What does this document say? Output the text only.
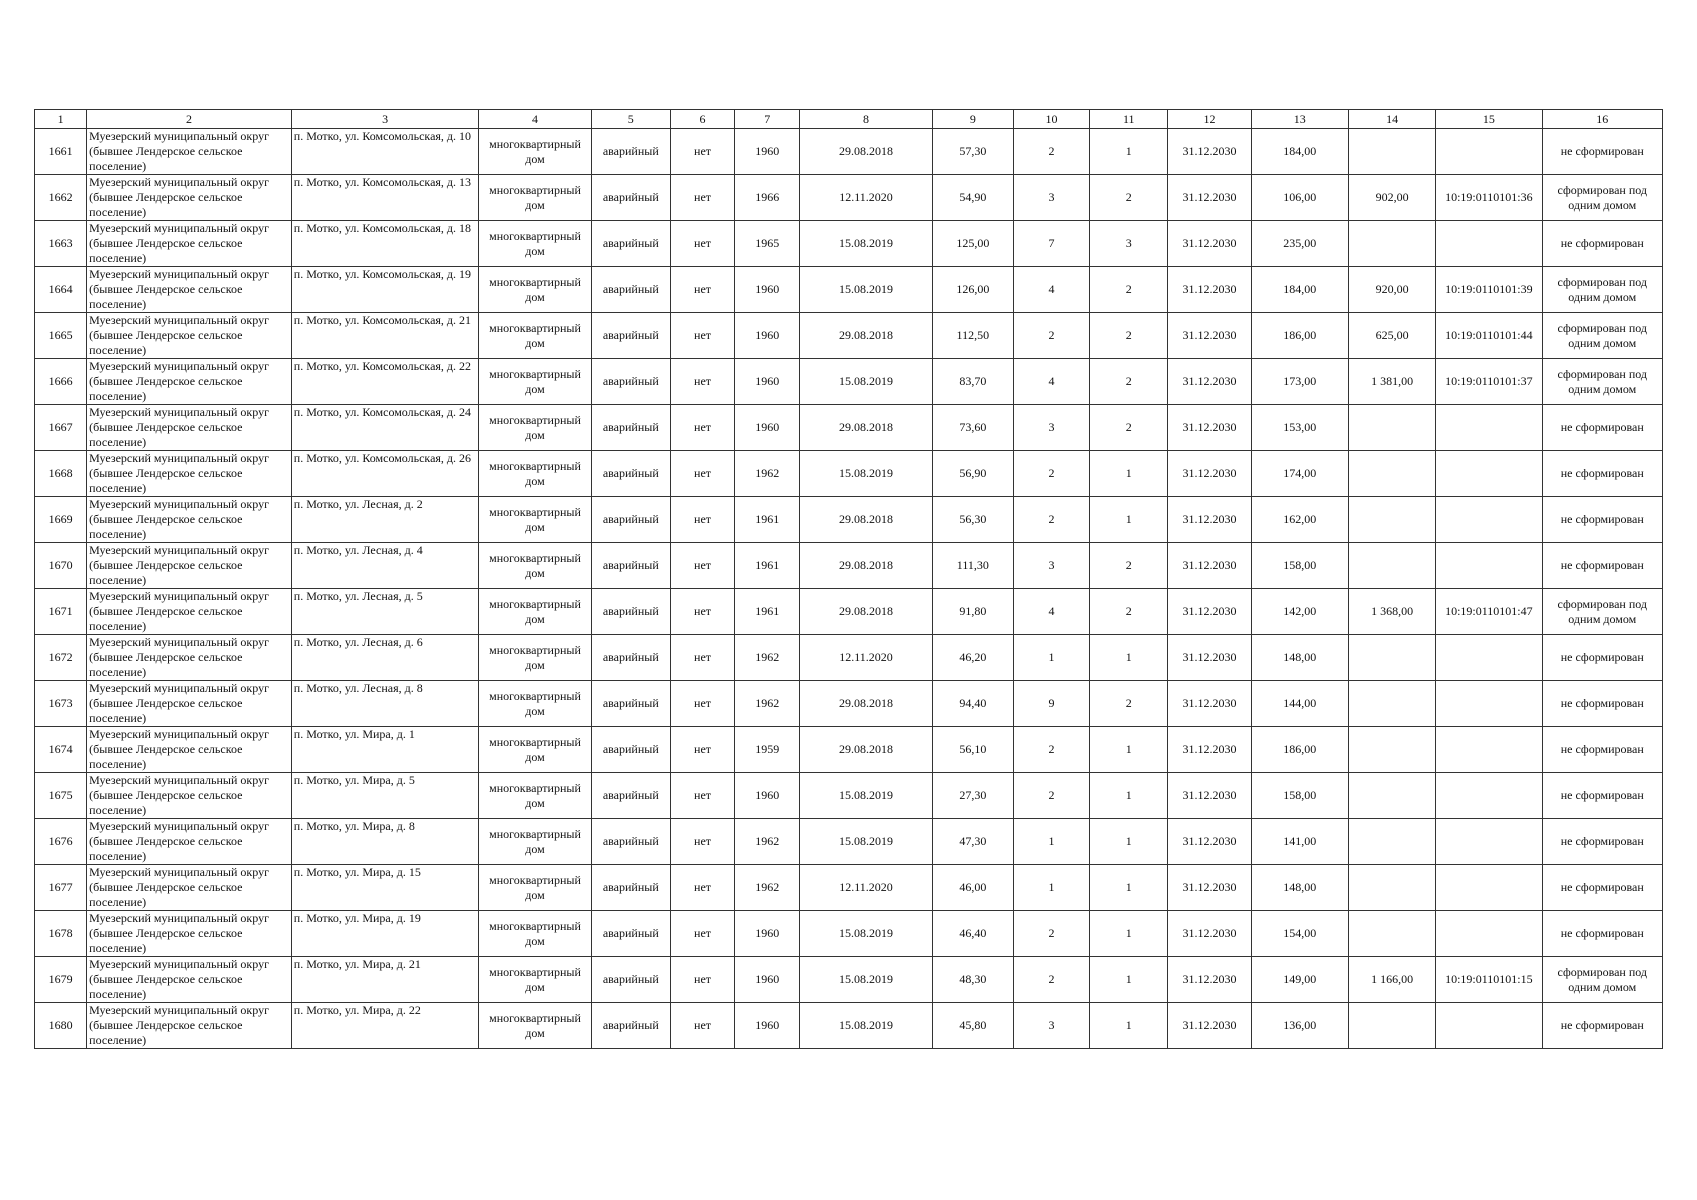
1	2	3	4	5	6	7	8	9	10	11	12	13	14	15	16
1661	Муезерский муниципальный округ (бывшее Лендерское сельское поселение)	п. Мотко, ул. Комсомольская, д. 10	многоквартирный дом	аварийный	нет	1960	29.08.2018	57,30	2	1	31.12.2030	184,00			не сформирован
1662	Муезерский муниципальный округ (бывшее Лендерское сельское поселение)	п. Мотко, ул. Комсомольская, д. 13	многоквартирный дом	аварийный	нет	1966	12.11.2020	54,90	3	2	31.12.2030	106,00	902,00	10:19:0110101:36	сформирован под одним домом
1663	Муезерский муниципальный округ (бывшее Лендерское сельское поселение)	п. Мотко, ул. Комсомольская, д. 18	многоквартирный дом	аварийный	нет	1965	15.08.2019	125,00	7	3	31.12.2030	235,00			не сформирован
1664	Муезерский муниципальный округ (бывшее Лендерское сельское поселение)	п. Мотко, ул. Комсомольская, д. 19	многоквартирный дом	аварийный	нет	1960	15.08.2019	126,00	4	2	31.12.2030	184,00	920,00	10:19:0110101:39	сформирован под одним домом
1665	Муезерский муниципальный округ (бывшее Лендерское сельское поселение)	п. Мотко, ул. Комсомольская, д. 21	многоквартирный дом	аварийный	нет	1960	29.08.2018	112,50	2	2	31.12.2030	186,00	625,00	10:19:0110101:44	сформирован под одним домом
1666	Муезерский муниципальный округ (бывшее Лендерское сельское поселение)	п. Мотко, ул. Комсомольская, д. 22	многоквартирный дом	аварийный	нет	1960	15.08.2019	83,70	4	2	31.12.2030	173,00	1 381,00	10:19:0110101:37	сформирован под одним домом
1667	Муезерский муниципальный округ (бывшее Лендерское сельское поселение)	п. Мотко, ул. Комсомольская, д. 24	многоквартирный дом	аварийный	нет	1960	29.08.2018	73,60	3	2	31.12.2030	153,00			не сформирован
1668	Муезерский муниципальный округ (бывшее Лендерское сельское поселение)	п. Мотко, ул. Комсомольская, д. 26	многоквартирный дом	аварийный	нет	1962	15.08.2019	56,90	2	1	31.12.2030	174,00			не сформирован
1669	Муезерский муниципальный округ (бывшее Лендерское сельское поселение)	п. Мотко, ул. Лесная, д. 2	многоквартирный дом	аварийный	нет	1961	29.08.2018	56,30	2	1	31.12.2030	162,00			не сформирован
1670	Муезерский муниципальный округ (бывшее Лендерское сельское поселение)	п. Мотко, ул. Лесная, д. 4	многоквартирный дом	аварийный	нет	1961	29.08.2018	111,30	3	2	31.12.2030	158,00			не сформирован
1671	Муезерский муниципальный округ (бывшее Лендерское сельское поселение)	п. Мотко, ул. Лесная, д. 5	многоквартирный дом	аварийный	нет	1961	29.08.2018	91,80	4	2	31.12.2030	142,00	1 368,00	10:19:0110101:47	сформирован под одним домом
1672	Муезерский муниципальный округ (бывшее Лендерское сельское поселение)	п. Мотко, ул. Лесная, д. 6	многоквартирный дом	аварийный	нет	1962	12.11.2020	46,20	1	1	31.12.2030	148,00			не сформирован
1673	Муезерский муниципальный округ (бывшее Лендерское сельское поселение)	п. Мотко, ул. Лесная, д. 8	многоквартирный дом	аварийный	нет	1962	29.08.2018	94,40	9	2	31.12.2030	144,00			не сформирован
1674	Муезерский муниципальный округ (бывшее Лендерское сельское поселение)	п. Мотко, ул. Мира, д. 1	многоквартирный дом	аварийный	нет	1959	29.08.2018	56,10	2	1	31.12.2030	186,00			не сформирован
1675	Муезерский муниципальный округ (бывшее Лендерское сельское поселение)	п. Мотко, ул. Мира, д. 5	многоквартирный дом	аварийный	нет	1960	15.08.2019	27,30	2	1	31.12.2030	158,00			не сформирован
1676	Муезерский муниципальный округ (бывшее Лендерское сельское поселение)	п. Мотко, ул. Мира, д. 8	многоквартирный дом	аварийный	нет	1962	15.08.2019	47,30	1	1	31.12.2030	141,00			не сформирован
1677	Муезерский муниципальный округ (бывшее Лендерское сельское поселение)	п. Мотко, ул. Мира, д. 15	многоквартирный дом	аварийный	нет	1962	12.11.2020	46,00	1	1	31.12.2030	148,00			не сформирован
1678	Муезерский муниципальный округ (бывшее Лендерское сельское поселение)	п. Мотко, ул. Мира, д. 19	многоквартирный дом	аварийный	нет	1960	15.08.2019	46,40	2	1	31.12.2030	154,00			не сформирован
1679	Муезерский муниципальный округ (бывшее Лендерское сельское поселение)	п. Мотко, ул. Мира, д. 21	многоквартирный дом	аварийный	нет	1960	15.08.2019	48,30	2	1	31.12.2030	149,00	1 166,00	10:19:0110101:15	сформирован под одним домом
1680	Муезерский муниципальный округ (бывшее Лендерское сельское поселение)	п. Мотко, ул. Мира, д. 22	многоквартирный дом	аварийный	нет	1960	15.08.2019	45,80	3	1	31.12.2030	136,00			не сформирован
